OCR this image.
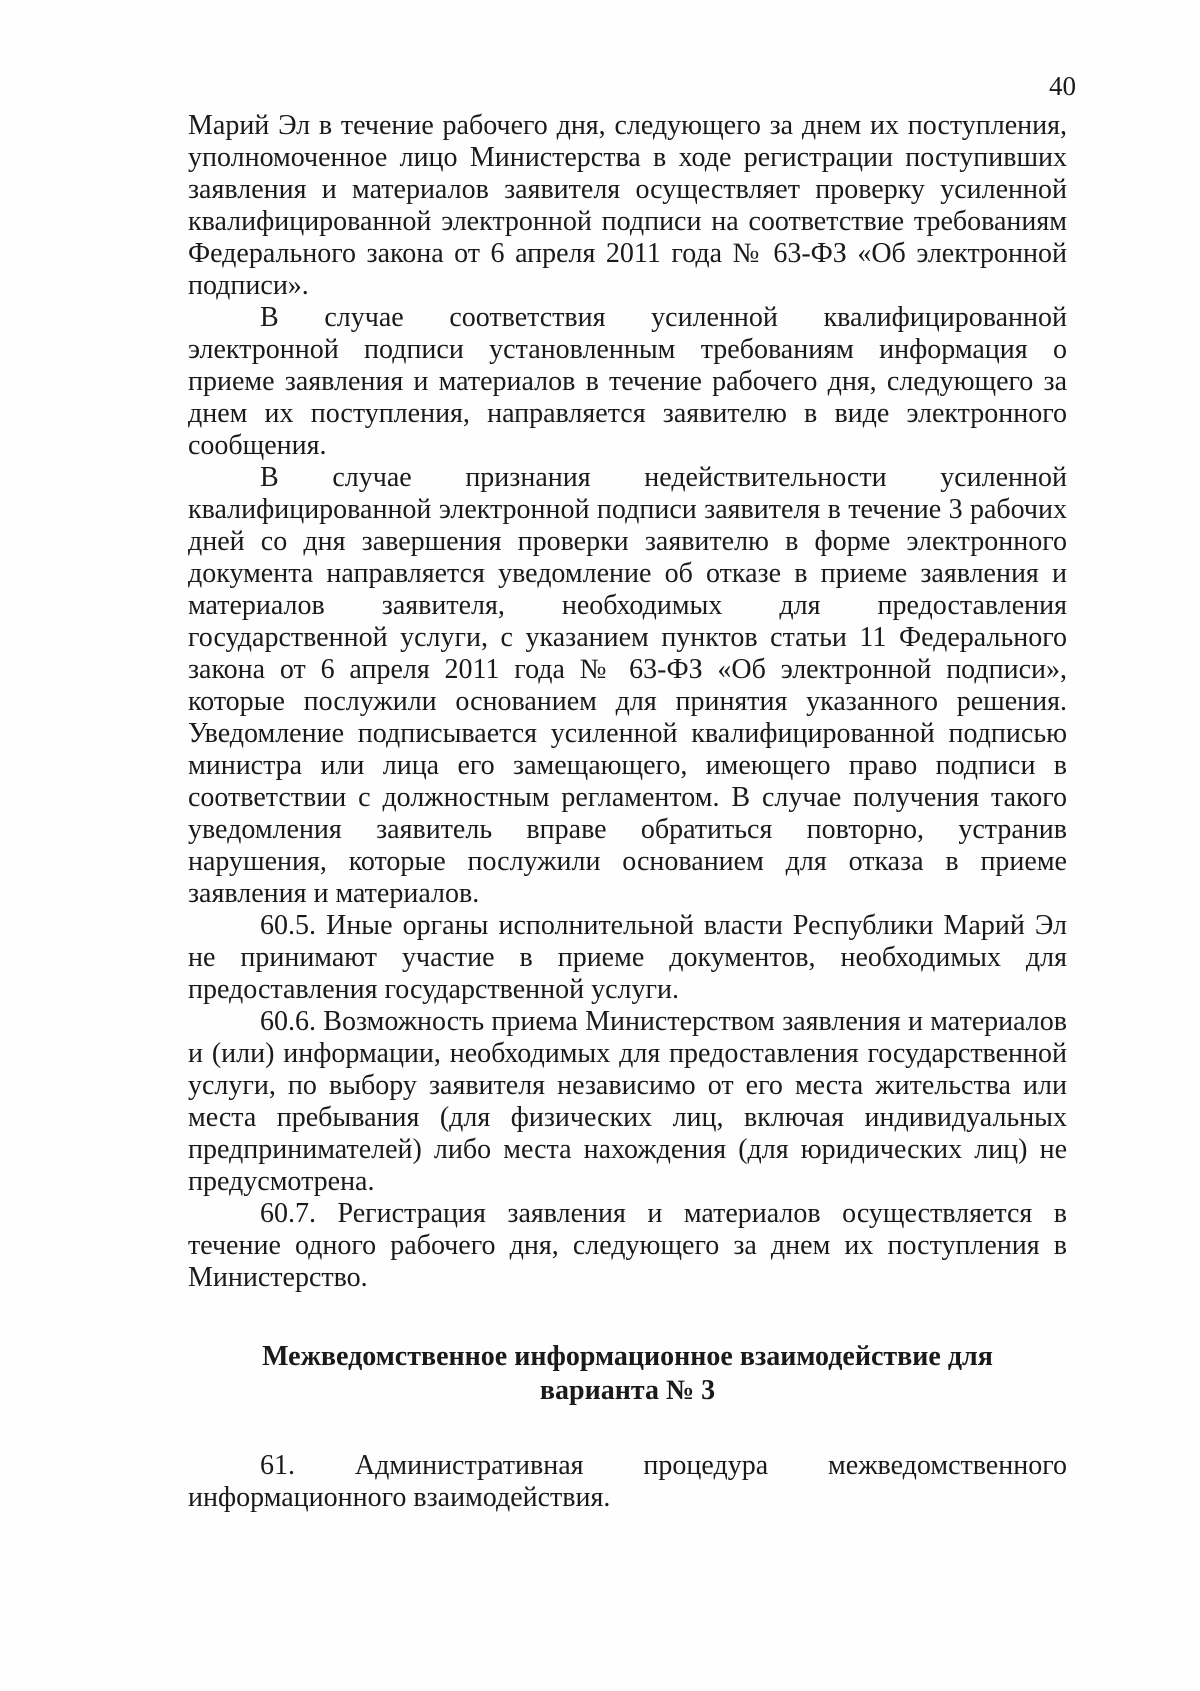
40

Марий Эл в течение рабочего дня, следующего за днем их поступления, уполномоченное лицо Министерства в ходе регистрации поступивших заявления и материалов заявителя осуществляет проверку усиленной квалифицированной электронной подписи на соответствие требованиям Федерального закона от 6 апреля 2011 года № 63-ФЗ «Об электронной подписи».

В случае соответствия усиленной квалифицированной электронной подписи установленным требованиям информация о приеме заявления и материалов в течение рабочего дня, следующего за днем их поступления, направляется заявителю в виде электронного сообщения.

В случае признания недействительности усиленной квалифицированной электронной подписи заявителя в течение 3 рабочих дней со дня завершения проверки заявителю в форме электронного документа направляется уведомление об отказе в приеме заявления и материалов заявителя, необходимых для предоставления государственной услуги, с указанием пунктов статьи 11 Федерального закона от 6 апреля 2011 года № 63-ФЗ «Об электронной подписи», которые послужили основанием для принятия указанного решения. Уведомление подписывается усиленной квалифицированной подписью министра или лица его замещающего, имеющего право подписи в соответствии с должностным регламентом. В случае получения такого уведомления заявитель вправе обратиться повторно, устранив нарушения, которые послужили основанием для отказа в приеме заявления и материалов.

60.5. Иные органы исполнительной власти Республики Марий Эл не принимают участие в приеме документов, необходимых для предоставления государственной услуги.

60.6. Возможность приема Министерством заявления и материалов и (или) информации, необходимых для предоставления государственной услуги, по выбору заявителя независимо от его места жительства или места пребывания (для физических лиц, включая индивидуальных предпринимателей) либо места нахождения (для юридических лиц) не предусмотрена.

60.7. Регистрация заявления и материалов осуществляется в течение одного рабочего дня, следующего за днем их поступления в Министерство.

Межведомственное информационное взаимодействие для варианта № 3

61. Административная процедура межведомственного информационного взаимодействия.
